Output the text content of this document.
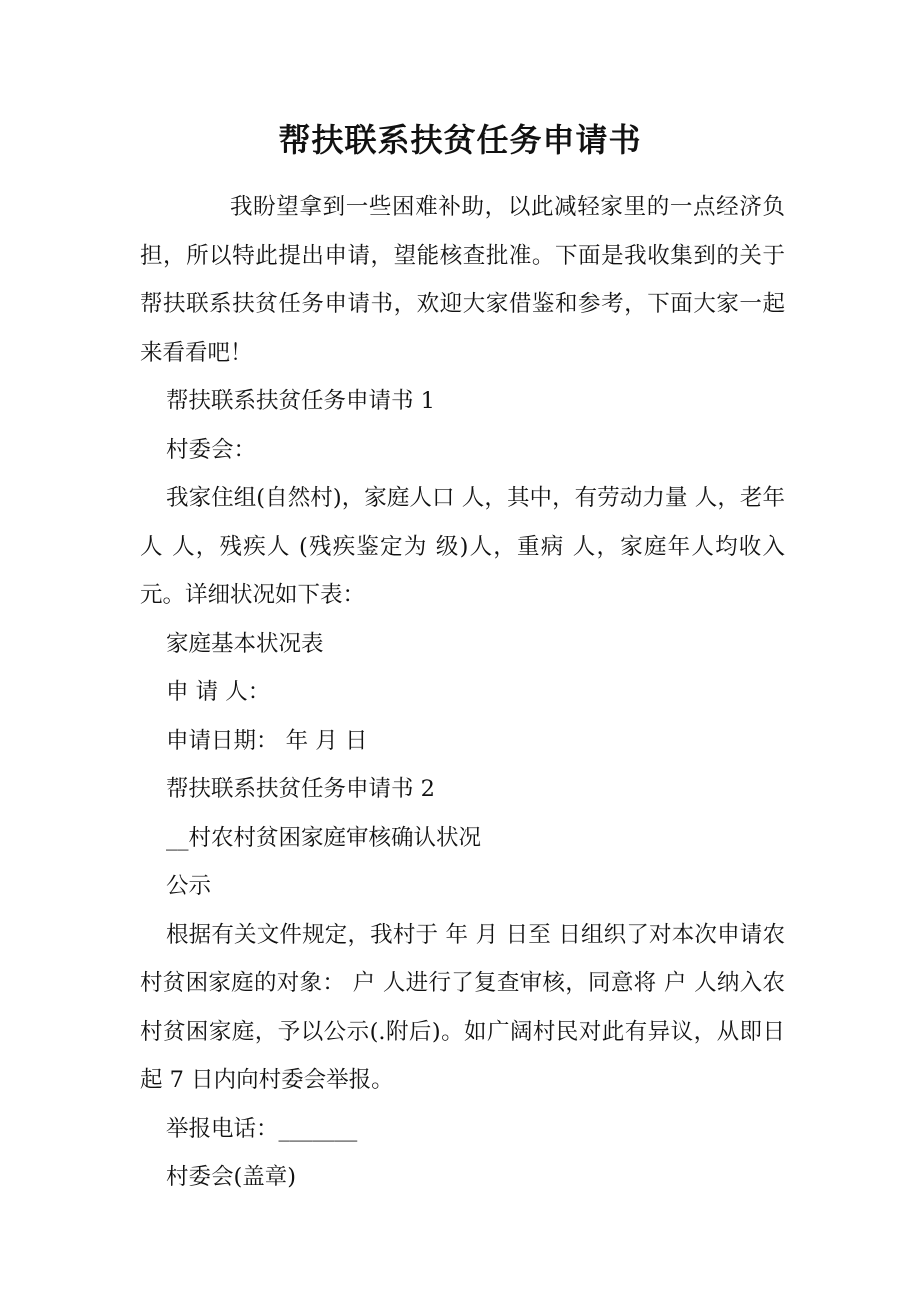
帮扶联系扶贫任务申请书

我盼望拿到一些困难补助，以此减轻家里的一点经济负担，所以特此提出申请，望能核查批准。下面是我收集到的关于帮扶联系扶贫任务申请书，欢迎大家借鉴和参考，下面大家一起来看看吧！

帮扶联系扶贫任务申请书 1

村委会：

我家住组(自然村)，家庭人口 人，其中，有劳动力量 人，老年人 人，残疾人 (残疾鉴定为 级)人，重病 人，家庭年人均收入 元。详细状况如下表：

家庭基本状况表

申 请 人：

申请日期： 年 月 日

帮扶联系扶贫任务申请书 2

__村农村贫困家庭审核确认状况

公示

根据有关文件规定，我村于 年 月 日至 日组织了对本次申请农村贫困家庭的对象： 户 人进行了复查审核，同意将 户 人纳入农村贫困家庭，予以公示(.附后)。如广阔村民对此有异议，从即日起 7 日内向村委会举报。

举报电话：_______

村委会(盖章)
